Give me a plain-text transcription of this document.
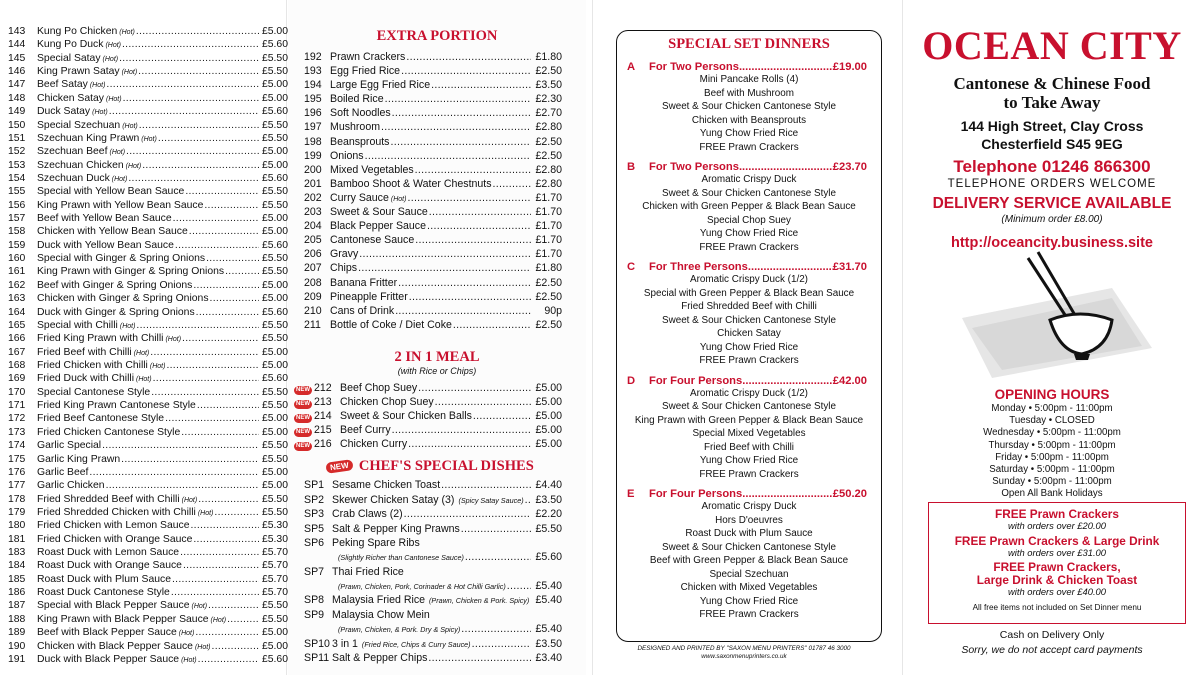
143	Kung Po Chicken (Hot) .....	£5.00
144	Kung Po Duck (Hot) .....	£5.60
145	Special Satay (Hot) .....	£5.50
146	King Prawn Satay (Hot) .....	£5.50
147	Beef Satay (Hot) .....	£5.00
148	Chicken Satay (Hot) .....	£5.00
149	Duck Satay (Hot) .....	£5.60
150	Special Szechuan (Hot) .....	£5.50
151	Szechuan King Prawn (Hot) .....	£5.50
152	Szechuan Beef (Hot) .....	£5.00
153	Szechuan Chicken (Hot) .....	£5.00
154	Szechuan Duck (Hot) .....	£5.60
155	Special with Yellow Bean Sauce .....	£5.50
156	King Prawn with Yellow Bean Sauce .....	£5.50
157	Beef with Yellow Bean Sauce .....	£5.00
158	Chicken with Yellow Bean Sauce .....	£5.00
159	Duck with Yellow Bean Sauce .....	£5.60
160	Special with Ginger & Spring Onions .....	£5.50
161	King Prawn with Ginger & Spring Onions .....	£5.50
162	Beef with Ginger & Spring Onions .....	£5.00
163	Chicken with Ginger & Spring Onions .....	£5.00
164	Duck with Ginger & Spring Onions .....	£5.60
165	Special with Chilli (Hot) .....	£5.50
166	Fried King Prawn with Chilli (Hot) .....	£5.50
167	Fried Beef with Chilli (Hot) .....	£5.00
168	Fried Chicken with Chilli (Hot) .....	£5.00
169	Fried Duck with Chilli (Hot) .....	£5.60
170	Special Cantonese Style .....	£5.50
171	Fried King Prawn Cantonese Style .....	£5.50
172	Fried Beef Cantonese Style .....	£5.00
173	Fried Chicken Cantonese Style .....	£5.00
174	Garlic Special .....	£5.50
175	Garlic King Prawn .....	£5.50
176	Garlic Beef .....	£5.00
177	Garlic Chicken .....	£5.00
178	Fried Shredded Beef with Chilli (Hot) .....	£5.50
179	Fried Shredded Chicken with Chilli (Hot) .....	£5.50
180	Fried Chicken with Lemon Sauce .....	£5.30
181	Fried Chicken with Orange Sauce .....	£5.30
183	Roast Duck with Lemon Sauce .....	£5.70
184	Roast Duck with Orange Sauce .....	£5.70
185	Roast Duck with Plum Sauce .....	£5.70
186	Roast Duck Cantonese Style .....	£5.70
187	Special with Black Pepper Sauce (Hot) .....	£5.50
188	King Prawn with Black Pepper Sauce (Hot) .....	£5.50
189	Beef with Black Pepper Sauce (Hot) .....	£5.00
190	Chicken with Black Pepper Sauce (Hot) .....	£5.00
191	Duck with Black Pepper Sauce (Hot) .....	£5.60
EXTRA PORTION
192 Prawn Crackers .....	£1.80
193 Egg Fried Rice .....	£2.50
194 Large Egg Fried Rice .....	£3.50
195 Boiled Rice .....	£2.30
196 Soft Noodles .....	£2.70
197 Mushroom .....	£2.80
198 Beansprouts .....	£2.50
199 Onions .....	£2.50
200 Mixed Vegetables .....	£2.80
201 Bamboo Shoot & Water Chestnuts .....	£2.80
202 Curry Sauce (Hot) .....	£1.70
203 Sweet & Sour Sauce .....	£1.70
204 Black Pepper Sauce .....	£1.70
205 Cantonese Sauce .....	£1.70
206 Gravy .....	£1.70
207 Chips .....	£1.80
208 Banana Fritter .....	£2.50
209 Pineapple Fritter .....	£2.50
210 Cans of Drink .....	90p
211 Bottle of Coke / Diet Coke .....	£2.50
2 IN 1 MEAL
(with Rice or Chips)
NEW 212 Beef Chop Suey .....	£5.00
NEW 213 Chicken Chop Suey .....	£5.00
NEW 214 Sweet & Sour Chicken Balls .....	£5.00
NEW 215 Beef Curry .....	£5.00
NEW 216 Chicken Curry .....	£5.00
NEW CHEF'S SPECIAL DISHES
SP1 Sesame Chicken Toast .....	£4.40
SP2 Skewer Chicken Satay (3) (Spicy Satay Sauce) .....	£3.50
SP3 Crab Claws (2) .....	£2.20
SP5 Salt & Pepper King Prawns .....	£5.50
SP6 Peking Spare Ribs
(Slightly Richer than Cantonese Sauce) .....	£5.60
SP7 Thai Fried Rice
(Prawn, Chicken, Pork, Corinader & Hot Chilli Garlic) .....	£5.40
SP8 Malaysia Fried Rice (Prawn, Chicken & Pork. Spicy) ..... £5.40
SP9 Malaysia Chow Mein
(Prawn, Chicken, & Pork. Dry & Spicy) .....	£5.40
SP10 3 in 1 (Fried Rice, Chips & Curry Sauce) .....	£3.50
SP11 Salt & Pepper Chips .....	£3.40
SPECIAL SET DINNERS
A	For Two Persons .....	£19.00
Mini Pancake Rolls (4)
Beef with Mushroom
Sweet & Sour Chicken Cantonese Style
Chicken with Beansprouts
Yung Chow Fried Rice
FREE Prawn Crackers
B	For Two Persons .....	£23.70
Aromatic Crispy Duck
Sweet & Sour Chicken Cantonese Style
Chicken with Green Pepper & Black Bean Sauce
Special Chop Suey
Yung Chow Fried Rice
FREE Prawn Crackers
C	For Three Persons .....	£31.70
Aromatic Crispy Duck (1/2)
Special with Green Pepper & Black Bean Sauce
Fried Shredded Beef with Chilli
Sweet & Sour Chicken Cantonese Style
Chicken Satay
Yung Chow Fried Rice
FREE Prawn Crackers
D	For Four Persons .....	£42.00
Aromatic Crispy Duck (1/2)
Sweet & Sour Chicken Cantonese Style
King Prawn with Green Pepper & Black Bean Sauce
Special Mixed Vegetables
Fried Beef with Chilli
Yung Chow Fried Rice
FREE Prawn Crackers
E	For Four Persons .....	£50.20
Aromatic Crispy Duck
Hors D'oeuvres
Roast Duck with Plum Sauce
Sweet & Sour Chicken Cantonese Style
Beef with Green Pepper & Black Bean Sauce
Special Szechuan
Chicken with Mixed Vegetables
Yung Chow Fried Rice
FREE Prawn Crackers
DESIGNED AND PRINTED BY "SAXON MENU PRINTERS" 01787 46 3000
www.saxonmenuprinters.co.uk
OCEAN CITY
Cantonese & Chinese Food
to Take Away
144 High Street, Clay Cross
Chesterfield S45 9EG
Telephone 01246 866300
TELEPHONE ORDERS WELCOME
DELIVERY SERVICE AVAILABLE
(Minimum order £8.00)
http://oceancity.business.site
OPENING HOURS
Monday • 5:00pm - 11:00pm
Tuesday • CLOSED
Wednesday • 5:00pm - 11:00pm
Thursday • 5:00pm - 11:00pm
Friday • 5:00pm - 11:00pm
Saturday • 5:00pm - 11:00pm
Sunday • 5:00pm - 11:00pm
Open All Bank Holidays
FREE Prawn Crackers
with orders over £20.00
FREE Prawn Crackers & Large Drink
with orders over £31.00
FREE Prawn Crackers,
Large Drink & Chicken Toast
with orders over £40.00
All free items not included on Set Dinner menu
Cash on Delivery Only
Sorry, we do not accept card payments
